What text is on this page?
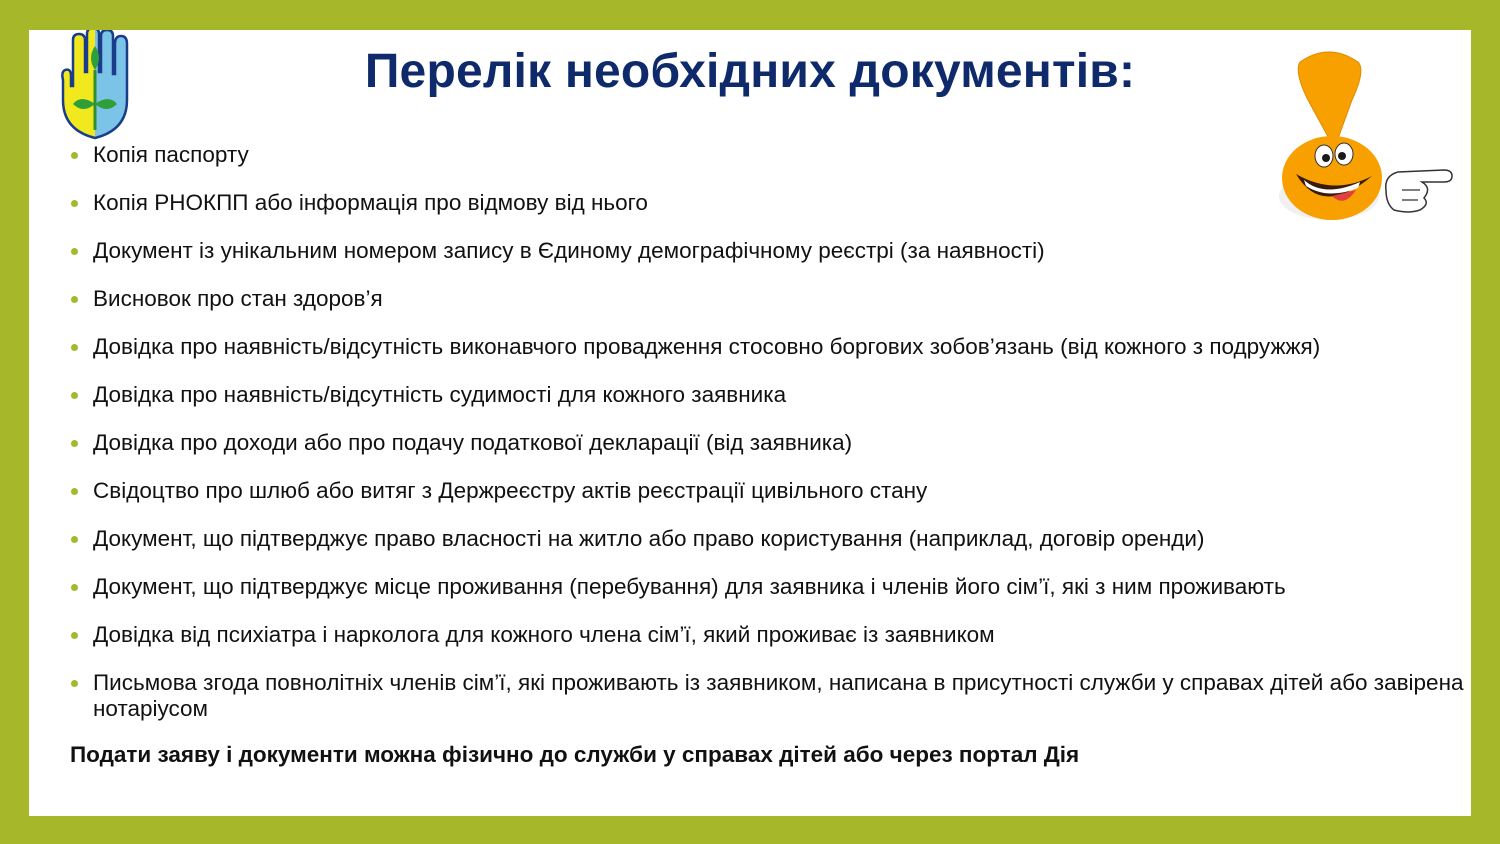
Перелік необхідних документів:
Копія паспорту
Копія РНОКПП або інформація про відмову від нього
Документ із унікальним номером запису в Єдиному демографічному реєстрі (за наявності)
Висновок про стан здоров’я
Довідка про наявність/відсутність виконавчого провадження стосовно боргових зобов’язань (від кожного з подружжя)
Довідка про наявність/відсутність судимості для кожного заявника
Довідка про доходи або про подачу податкової декларації (від заявника)
Свідоцтво про шлюб або витяг з Держреєстру актів реєстрації цивільного стану
Документ, що підтверджує право власності на житло або право користування (наприклад, договір оренди)
Документ, що підтверджує місце проживання (перебування) для заявника і членів його сім’ї, які з ним проживають
Довідка від психіатра і нарколога для кожного члена сім’ї, який проживає із заявником
Письмова згода повнолітніх членів сім’ї, які проживають із заявником, написана в присутності служби у справах дітей або завірена нотаріусом
Подати заяву і документи можна фізично до служби у справах дітей або через портал Дія
